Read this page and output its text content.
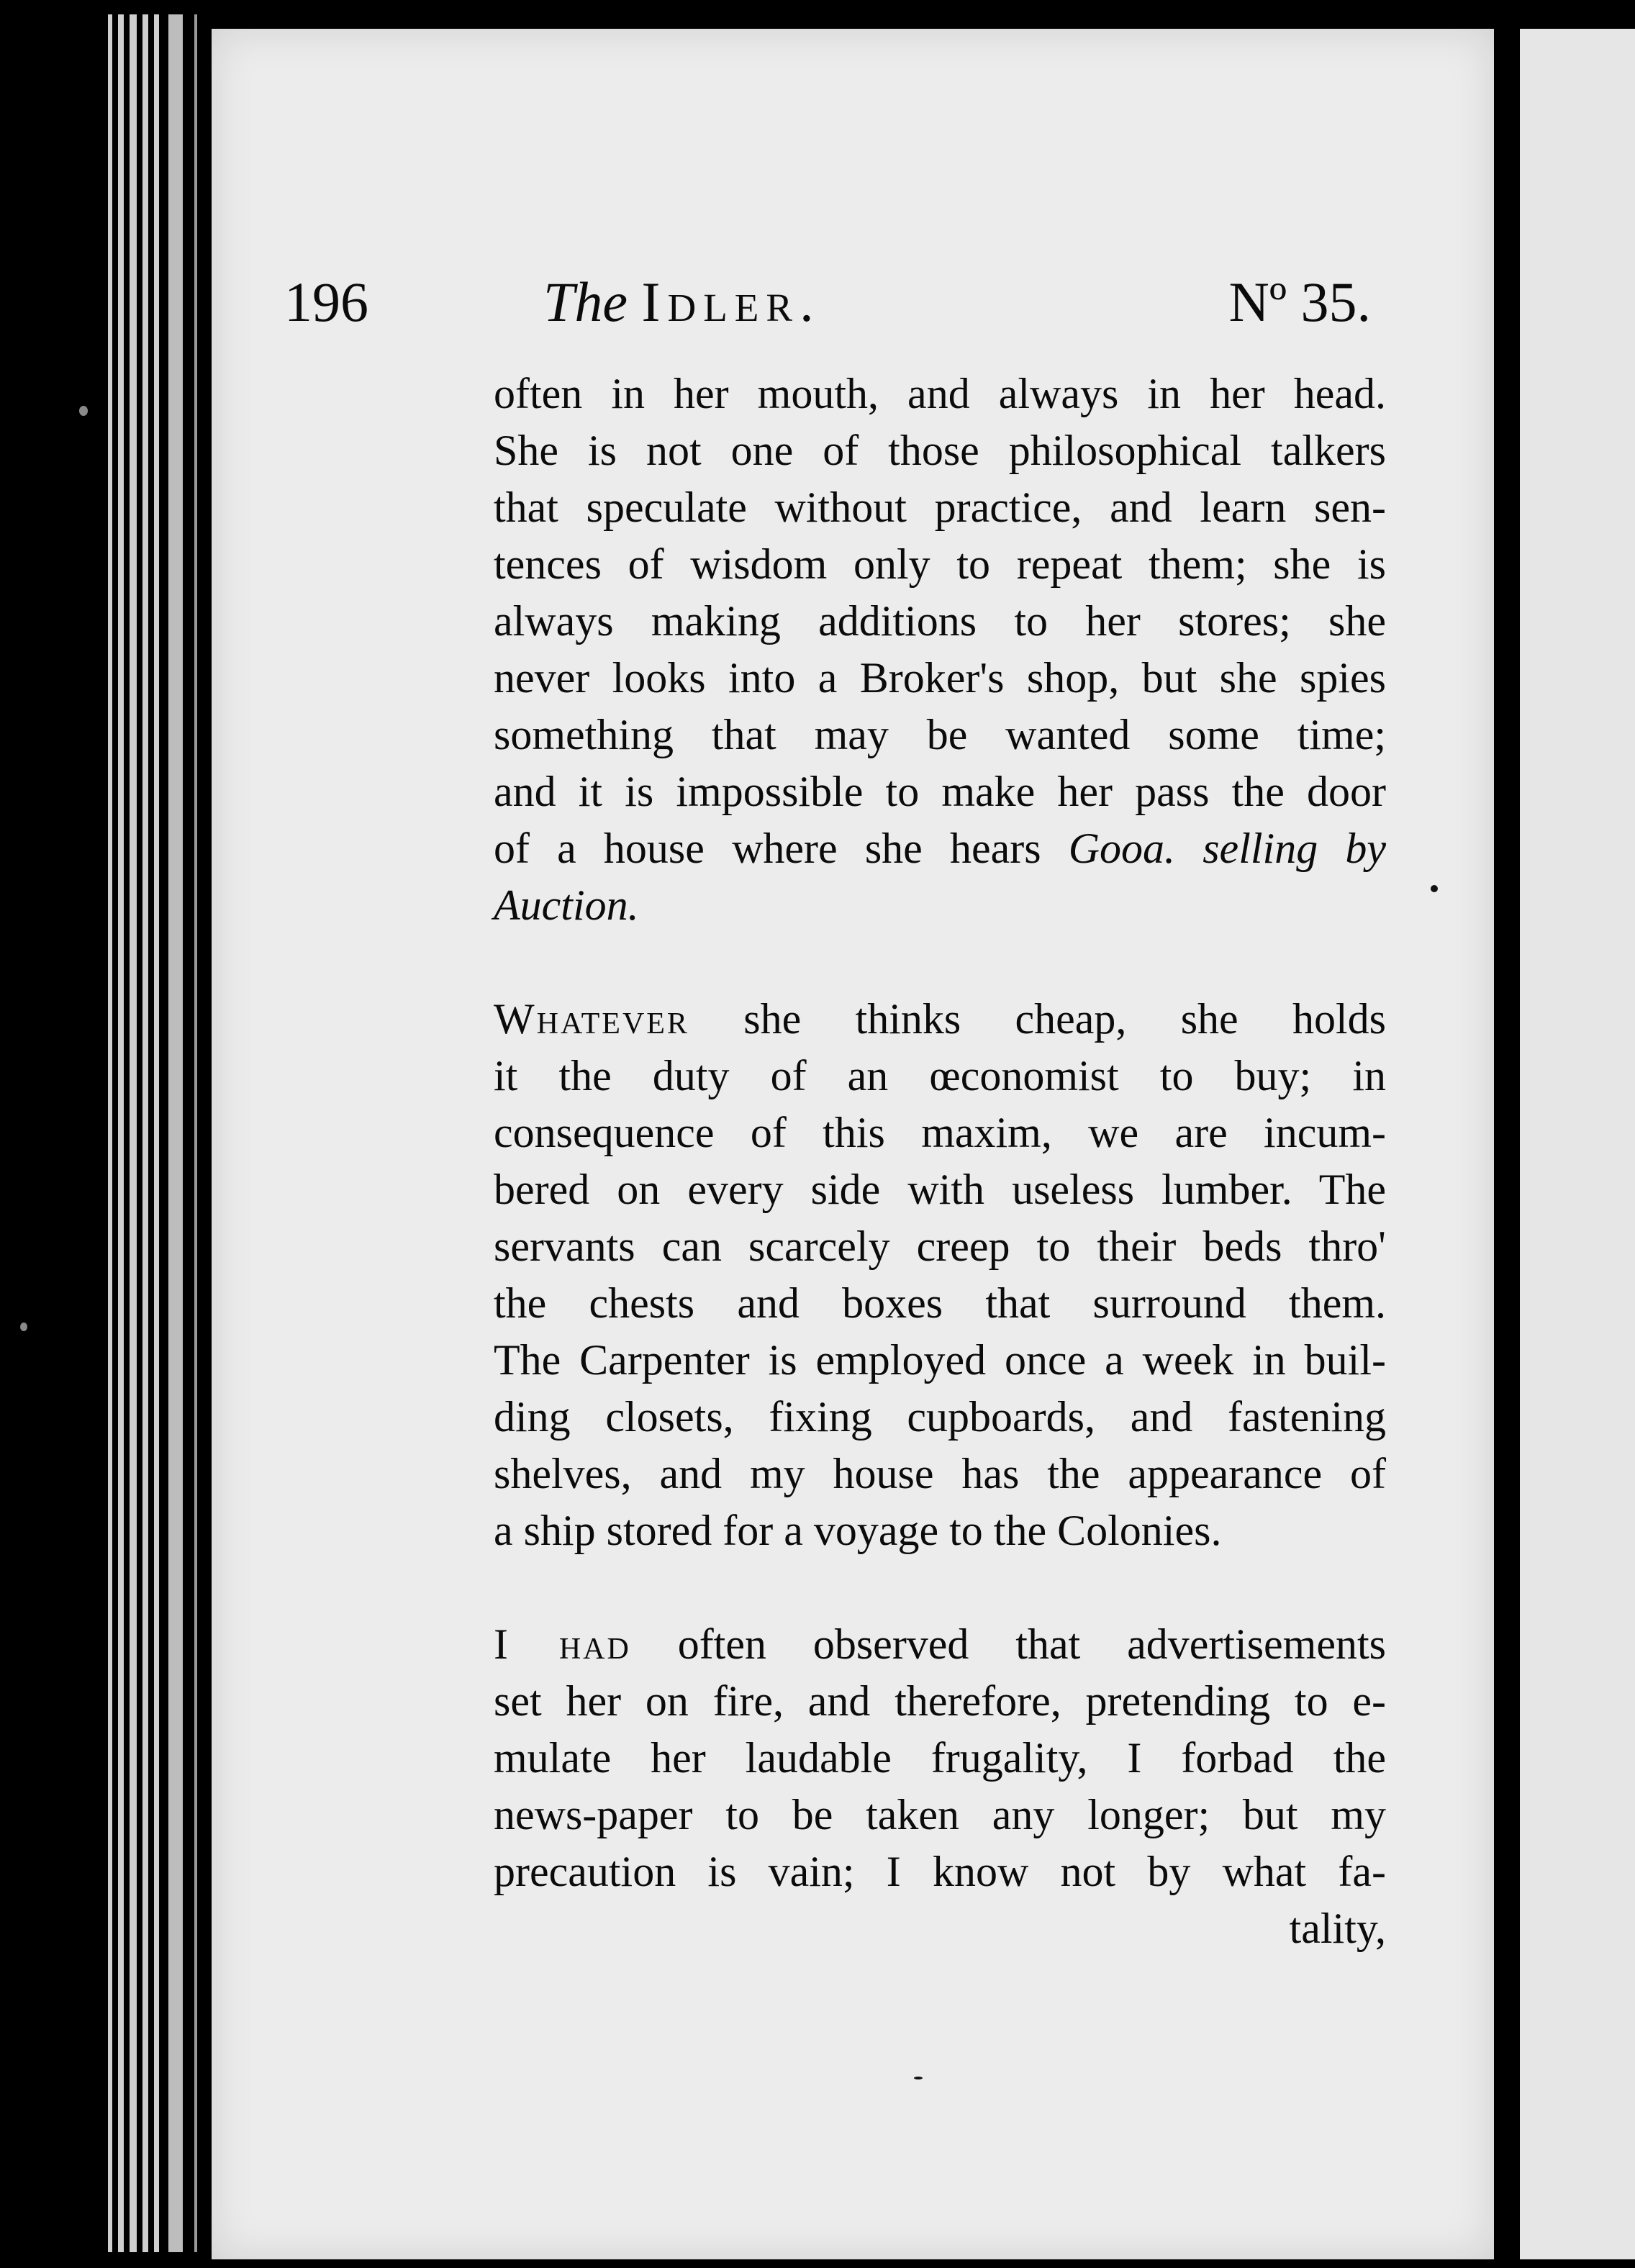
196	The Idler.	Nº 35.
often in her mouth, and always in her head.
She is not one of those philosophical talkers
that speculate without practice, and learn sen-
tences of wisdom only to repeat them; she is
always making additions to her stores; she
never looks into a Broker's shop, but she spies
something that may be wanted some time;
and it is impossible to make her pass the door
of a house where she hears Gooa. selling by
Auction.
Whatever she thinks cheap, she holds
it the duty of an œconomist to buy; in
consequence of this maxim, we are incum-
bered on every side with useless lumber. The
servants can scarcely creep to their beds thro'
the chests and boxes that surround them.
The Carpenter is employed once a week in buil-
ding closets, fixing cupboards, and fastening
shelves, and my house has the appearance of
a ship stored for a voyage to the Colonies.
I had often observed that advertisements
set her on fire, and therefore, pretending to e-
mulate her laudable frugality, I forbad the
news-paper to be taken any longer; but my
precaution is vain; I know not by what fa-
tality,
